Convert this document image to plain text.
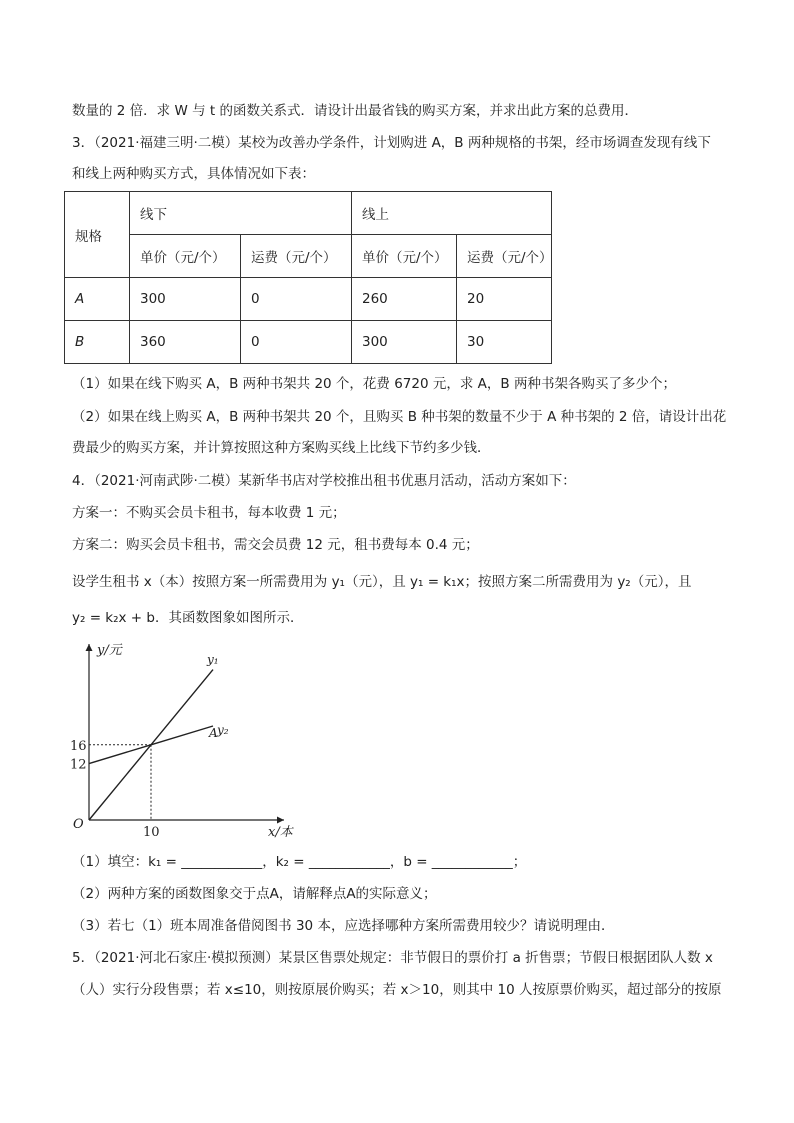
数量的 2 倍．求 W 与 t 的函数关系式．请设计出最省钱的购买方案，并求出此方案的总费用．
3．（2021·福建三明·二模）某校为改善办学条件，计划购进 A，B 两种规格的书架，经市场调查发现有线下
和线上两种购买方式，具体情况如下表：
规格	线下		线上	
	单价（元/个）	运费（元/个）	单价（元/个）	运费（元/个）
A	300	0	260	20
B	360	0	300	30
（1）如果在线下购买 A，B 两种书架共 20 个，花费 6720 元，求 A，B 两种书架各购买了多少个；
（2）如果在线上购买 A，B 两种书架共 20 个，且购买 B 种书架的数量不少于 A 种书架的 2 倍，请设计出花
费最少的购买方案，并计算按照这种方案购买线上比线下节约多少钱．
4．（2021·河南武陟·二模）某新华书店对学校推出租书优惠月活动，活动方案如下：
方案一：不购买会员卡租书，每本收费 1 元；
方案二：购买会员卡租书，需交会员费 12 元，租书费每本 0.4 元；
设学生租书 x（本）按照方案一所需费用为 y₁（元），且 y₁ = k₁x；按照方案二所需费用为 y₂（元），且
y₂ = k₂x + b．其函数图象如图所示．
y₁
y₂
y/元
x/本
O
16
12
10
A
（1）填空：k₁ = ____________，k₂ = ____________，b = ____________；
（2）两种方案的函数图象交于点A，请解释点A的实际意义；
（3）若七（1）班本周准备借阅图书 30 本，应选择哪种方案所需费用较少？请说明理由．
5．（2021·河北石家庄·模拟预测）某景区售票处规定：非节假日的票价打 a 折售票；节假日根据团队人数 x
（人）实行分段售票；若 x≤10，则按原展价购买；若 x＞10，则其中 10 人按原票价购买，超过部分的按原
